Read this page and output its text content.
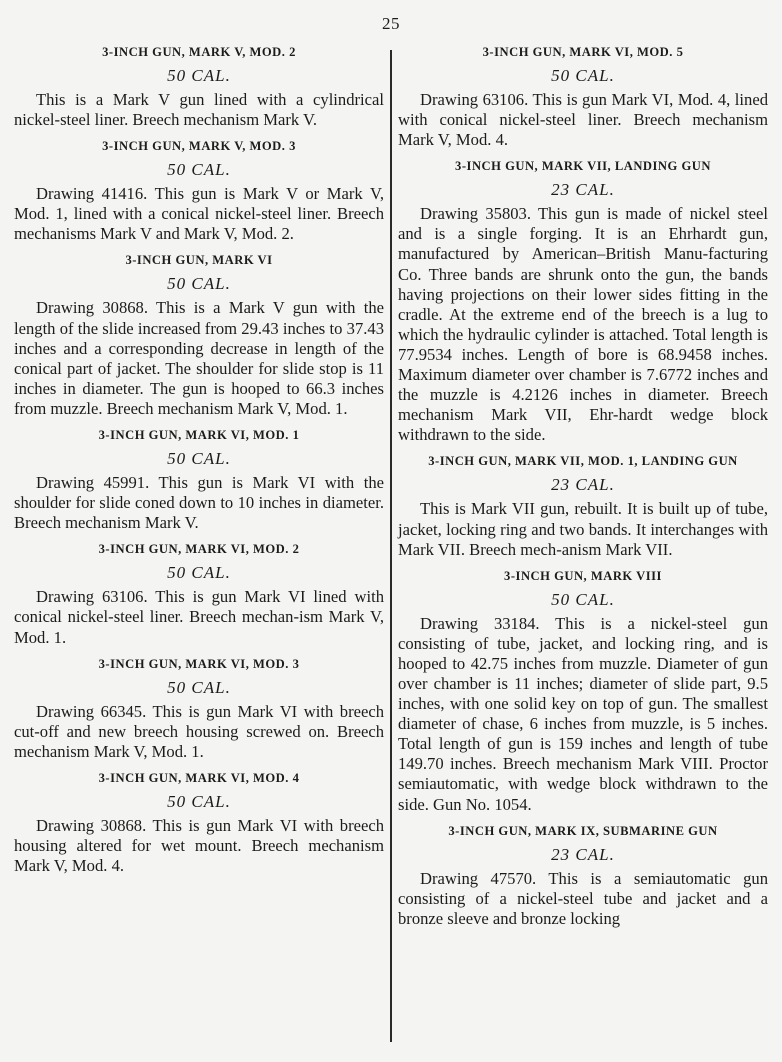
25

3-INCH GUN, MARK V, MOD. 2

50 CAL.

This is a Mark V gun lined with a cylindrical nickel-steel liner. Breech mechanism Mark V.

3-INCH GUN, MARK V, MOD. 3

50 CAL.

Drawing 41416. This gun is Mark V or Mark V, Mod. 1, lined with a conical nickel-steel liner. Breech mechanisms Mark V and Mark V, Mod. 2.

3-INCH GUN, MARK VI

50 CAL.

Drawing 30868. This is a Mark V gun with the length of the slide increased from 29.43 inches to 37.43 inches and a corresponding decrease in length of the conical part of jacket. The shoulder for slide stop is 11 inches in diameter. The gun is hooped to 66.3 inches from muzzle. Breech mechanism Mark V, Mod. 1.

3-INCH GUN, MARK VI, MOD. 1

50 CAL.

Drawing 45991. This gun is Mark VI with the shoulder for slide coned down to 10 inches in diameter. Breech mechanism Mark V.

3-INCH GUN, MARK VI, MOD. 2

50 CAL.

Drawing 63106. This is gun Mark VI lined with conical nickel-steel liner. Breech mechan-ism Mark V, Mod. 1.

3-INCH GUN, MARK VI, MOD. 3

50 CAL.

Drawing 66345. This is gun Mark VI with breech cut-off and new breech housing screwed on. Breech mechanism Mark V, Mod. 1.

3-INCH GUN, MARK VI, MOD. 4

50 CAL.

Drawing 30868. This is gun Mark VI with breech housing altered for wet mount. Breech mechanism Mark V, Mod. 4.

3-INCH GUN, MARK VI, MOD. 5

50 CAL.

Drawing 63106. This is gun Mark VI, Mod. 4, lined with conical nickel-steel liner. Breech mechanism Mark V, Mod. 4.

3-INCH GUN, MARK VII, LANDING GUN

23 CAL.

Drawing 35803. This gun is made of nickel steel and is a single forging. It is an Ehrhardt gun, manufactured by American–British Manu-facturing Co. Three bands are shrunk onto the gun, the bands having projections on their lower sides fitting in the cradle. At the extreme end of the breech is a lug to which the hydraulic cylinder is attached. Total length is 77.9534 inches. Length of bore is 68.9458 inches. Maximum diameter over chamber is 7.6772 inches and the muzzle is 4.2126 inches in diameter. Breech mechanism Mark VII, Ehr-hardt wedge block withdrawn to the side.

3-INCH GUN, MARK VII, MOD. 1, LANDING GUN

23 CAL.

This is Mark VII gun, rebuilt. It is built up of tube, jacket, locking ring and two bands. It interchanges with Mark VII. Breech mech-anism Mark VII.

3-INCH GUN, MARK VIII

50 CAL.

Drawing 33184. This is a nickel-steel gun consisting of tube, jacket, and locking ring, and is hooped to 42.75 inches from muzzle. Diameter of gun over chamber is 11 inches; diameter of slide part, 9.5 inches, with one solid key on top of gun. The smallest diameter of chase, 6 inches from muzzle, is 5 inches. Total length of gun is 159 inches and length of tube 149.70 inches. Breech mechanism Mark VIII. Proctor semiautomatic, with wedge block withdrawn to the side. Gun No. 1054.

3-INCH GUN, MARK IX, SUBMARINE GUN

23 CAL.

Drawing 47570. This is a semiautomatic gun consisting of a nickel-steel tube and jacket and a bronze sleeve and bronze locking
